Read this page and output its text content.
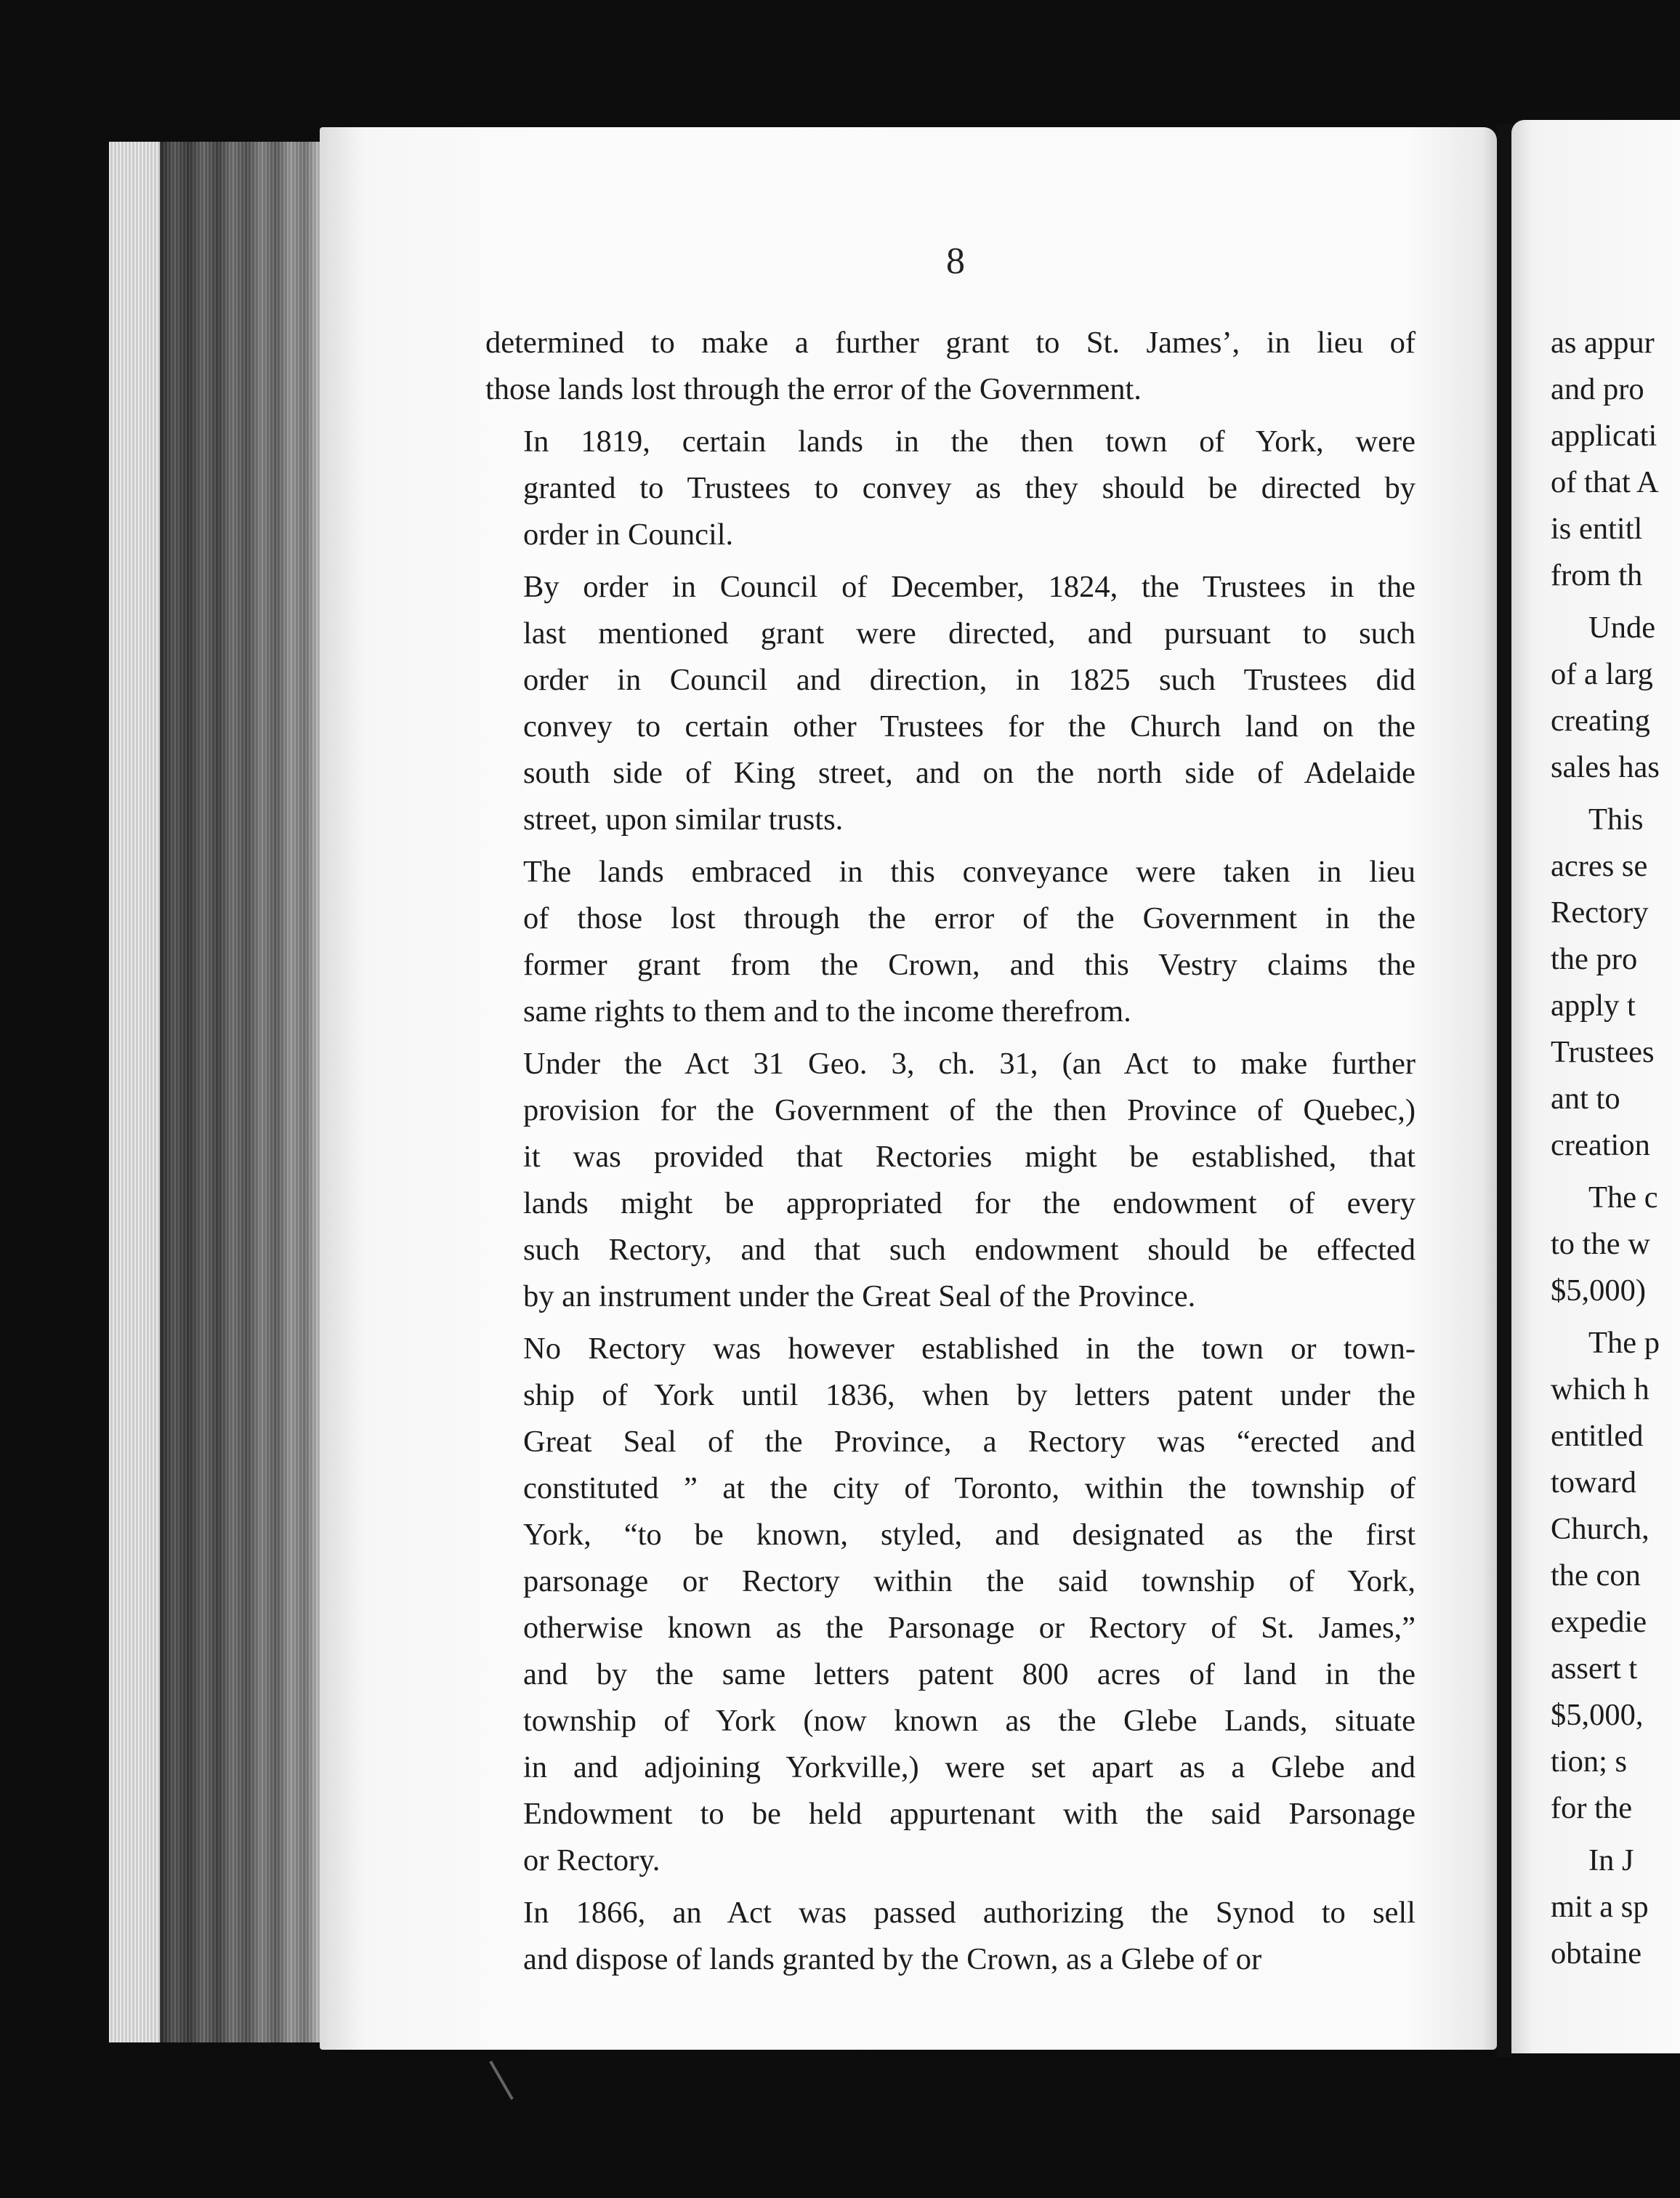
8

determined to make a further grant to St. James’, in lieu of
those lands lost through the error of the Government.

In 1819, certain lands in the then town of York, were
granted to Trustees to convey as they should be directed by
order in Council.

By order in Council of December, 1824, the Trustees in the
last mentioned grant were directed, and pursuant to such
order in Council and direction, in 1825 such Trustees did
convey to certain other Trustees for the Church land on the
south side of King street, and on the north side of Adelaide
street, upon similar trusts.

The lands embraced in this conveyance were taken in lieu
of those lost through the error of the Government in the
former grant from the Crown, and this Vestry claims the
same rights to them and to the income therefrom.

Under the Act 31 Geo. 3, ch. 31, (an Act to make further
provision for the Government of the then Province of Quebec,)
it was provided that Rectories might be established, that
lands might be appropriated for the endowment of every
such Rectory, and that such endowment should be effected
by an instrument under the Great Seal of the Province.

No Rectory was however established in the town or town-
ship of York until 1836, when by letters patent under the
Great Seal of the Province, a Rectory was “erected and
constituted ” at the city of Toronto, within the township of
York, “to be known, styled, and designated as the first
parsonage or Rectory within the said township of York,
otherwise known as the Parsonage or Rectory of St. James,”
and by the same letters patent 800 acres of land in the
township of York (now known as the Glebe Lands, situate
in and adjoining Yorkville,) were set apart as a Glebe and
Endowment to be held appurtenant with the said Parsonage
or Rectory.

In 1866, an Act was passed authorizing the Synod to sell
and dispose of lands granted by the Crown, as a Glebe of or

as appur
and pro
applicati
of that A
is entitl
from th
Unde
of a larg
creating
sales has
This
acres se
Rectory
the pro
apply t
Trustees
ant to
creation
The c
to the w
$5,000)
The p
which h
entitled
toward
Church,
the con
expedie
assert t
$5,000,
tion; s
for the
In J
mit a sp
obtaine
